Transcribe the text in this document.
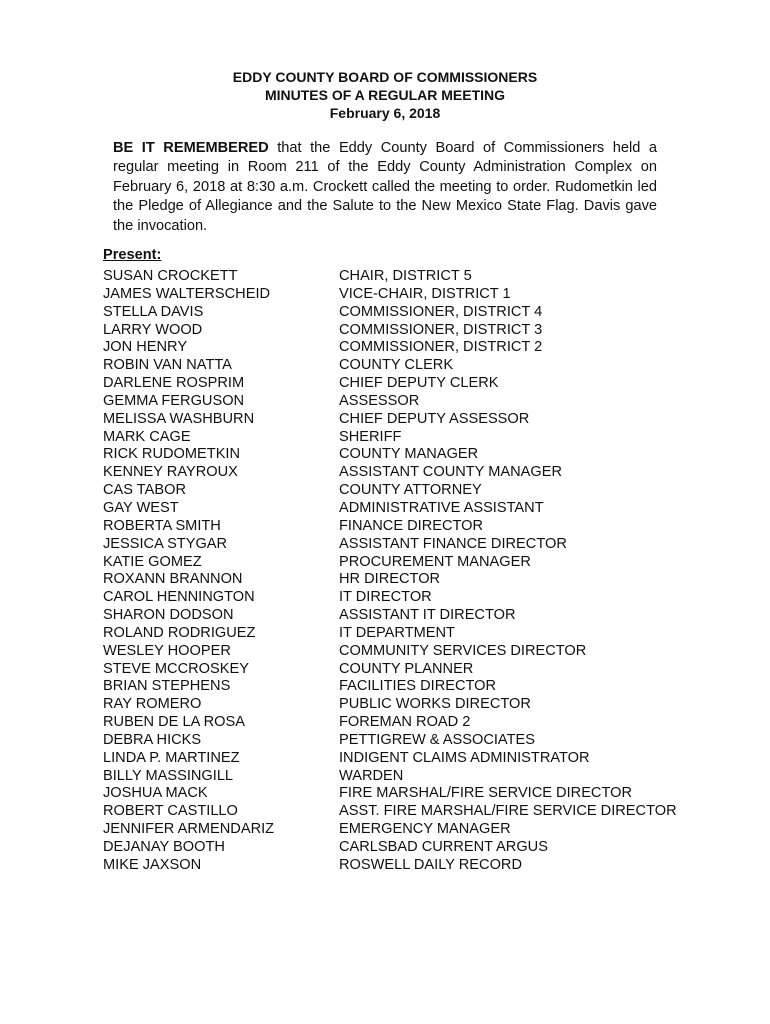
EDDY COUNTY BOARD OF COMMISSIONERS
MINUTES OF A REGULAR MEETING
February 6, 2018

BE IT REMEMBERED that the Eddy County Board of Commissioners held a regular meeting in Room 211 of the Eddy County Administration Complex on February 6, 2018 at 8:30 a.m. Crockett called the meeting to order. Rudometkin led the Pledge of Allegiance and the Salute to the New Mexico State Flag. Davis gave the invocation.

Present:
SUSAN CROCKETT	CHAIR, DISTRICT 5
JAMES WALTERSCHEID	VICE-CHAIR, DISTRICT 1
STELLA DAVIS	COMMISSIONER, DISTRICT 4
LARRY WOOD	COMMISSIONER, DISTRICT 3
JON HENRY	COMMISSIONER, DISTRICT 2
ROBIN VAN NATTA	COUNTY CLERK
DARLENE ROSPRIM	CHIEF DEPUTY CLERK
GEMMA FERGUSON	ASSESSOR
MELISSA WASHBURN	CHIEF DEPUTY ASSESSOR
MARK CAGE	SHERIFF
RICK RUDOMETKIN	COUNTY MANAGER
KENNEY RAYROUX	ASSISTANT COUNTY MANAGER
CAS TABOR	COUNTY ATTORNEY
GAY WEST	ADMINISTRATIVE ASSISTANT
ROBERTA SMITH	FINANCE DIRECTOR
JESSICA STYGAR	ASSISTANT FINANCE DIRECTOR
KATIE GOMEZ	PROCUREMENT MANAGER
ROXANN BRANNON	HR DIRECTOR
CAROL HENNINGTON	IT DIRECTOR
SHARON DODSON	ASSISTANT IT DIRECTOR
ROLAND RODRIGUEZ	IT DEPARTMENT
WESLEY HOOPER	COMMUNITY SERVICES DIRECTOR
STEVE MCCROSKEY	COUNTY PLANNER
BRIAN STEPHENS	FACILITIES DIRECTOR
RAY ROMERO	PUBLIC WORKS DIRECTOR
RUBEN DE LA ROSA	FOREMAN ROAD 2
DEBRA HICKS	PETTIGREW & ASSOCIATES
LINDA P. MARTINEZ	INDIGENT CLAIMS ADMINISTRATOR
BILLY MASSINGILL	WARDEN
JOSHUA MACK	FIRE MARSHAL/FIRE SERVICE DIRECTOR
ROBERT CASTILLO	ASST. FIRE MARSHAL/FIRE SERVICE DIRECTOR
JENNIFER ARMENDARIZ	EMERGENCY MANAGER
DEJANAY BOOTH	CARLSBAD CURRENT ARGUS
MIKE JAXSON	ROSWELL DAILY RECORD
